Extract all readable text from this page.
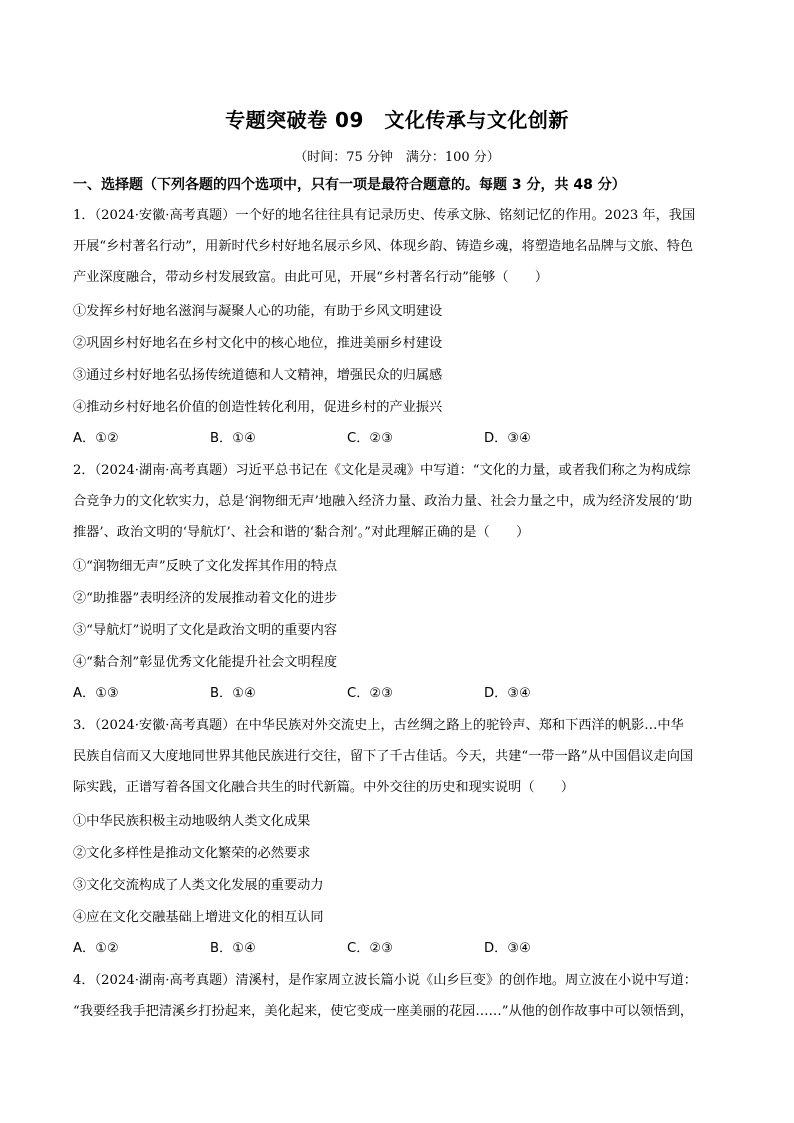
专题突破卷 09　文化传承与文化创新
（时间：75 分钟　满分：100 分）
一、选择题（下列各题的四个选项中，只有一项是最符合题意的。每题 3 分，共 48 分）
1．（2024·安徽·高考真题）一个好的地名往往具有记录历史、传承文脉、铭刻记忆的作用。2023 年，我国
开展“乡村著名行动”，用新时代乡村好地名展示乡风、体现乡韵、铸造乡魂，将塑造地名品牌与文旅、特色
产业深度融合，带动乡村发展致富。由此可见，开展“乡村著名行动”能够（　　）
①发挥乡村好地名滋润与凝聚人心的功能，有助于乡风文明建设
②巩固乡村好地名在乡村文化中的核心地位，推进美丽乡村建设
③通过乡村好地名弘扬传统道德和人文精神，增强民众的归属感
④推动乡村好地名价值的创造性转化利用，促进乡村的产业振兴
A．①②	B．①④	C．②③	D．③④
2．（2024·湖南·高考真题）习近平总书记在《文化是灵魂》中写道：“文化的力量，或者我们称之为构成综
合竞争力的文化软实力，总是‘润物细无声’地融入经济力量、政治力量、社会力量之中，成为经济发展的‘助
推器’、政治文明的‘导航灯’、社会和谐的‘黏合剂’。”对此理解正确的是（　　）
①“润物细无声”反映了文化发挥其作用的特点
②“助推器”表明经济的发展推动着文化的进步
③“导航灯”说明了文化是政治文明的重要内容
④“黏合剂”彰显优秀文化能提升社会文明程度
A．①③	B．①④	C．②③	D．③④
3．（2024·安徽·高考真题）在中华民族对外交流史上，古丝绸之路上的驼铃声、郑和下西洋的帆影…中华
民族自信而又大度地同世界其他民族进行交往，留下了千古佳话。今天，共建“一带一路”从中国倡议走向国
际实践，正谱写着各国文化融合共生的时代新篇。中外交往的历史和现实说明（　　）
①中华民族积极主动地吸纳人类文化成果
②文化多样性是推动文化繁荣的必然要求
③文化交流构成了人类文化发展的重要动力
④应在文化交融基础上增进文化的相互认同
A．①②	B．①④	C．②③	D．③④
4．（2024·湖南·高考真题）清溪村，是作家周立波长篇小说《山乡巨变》的创作地。周立波在小说中写道：
“我要经我手把清溪乡打扮起来，美化起来，使它变成一座美丽的花园……”从他的创作故事中可以领悟到，
